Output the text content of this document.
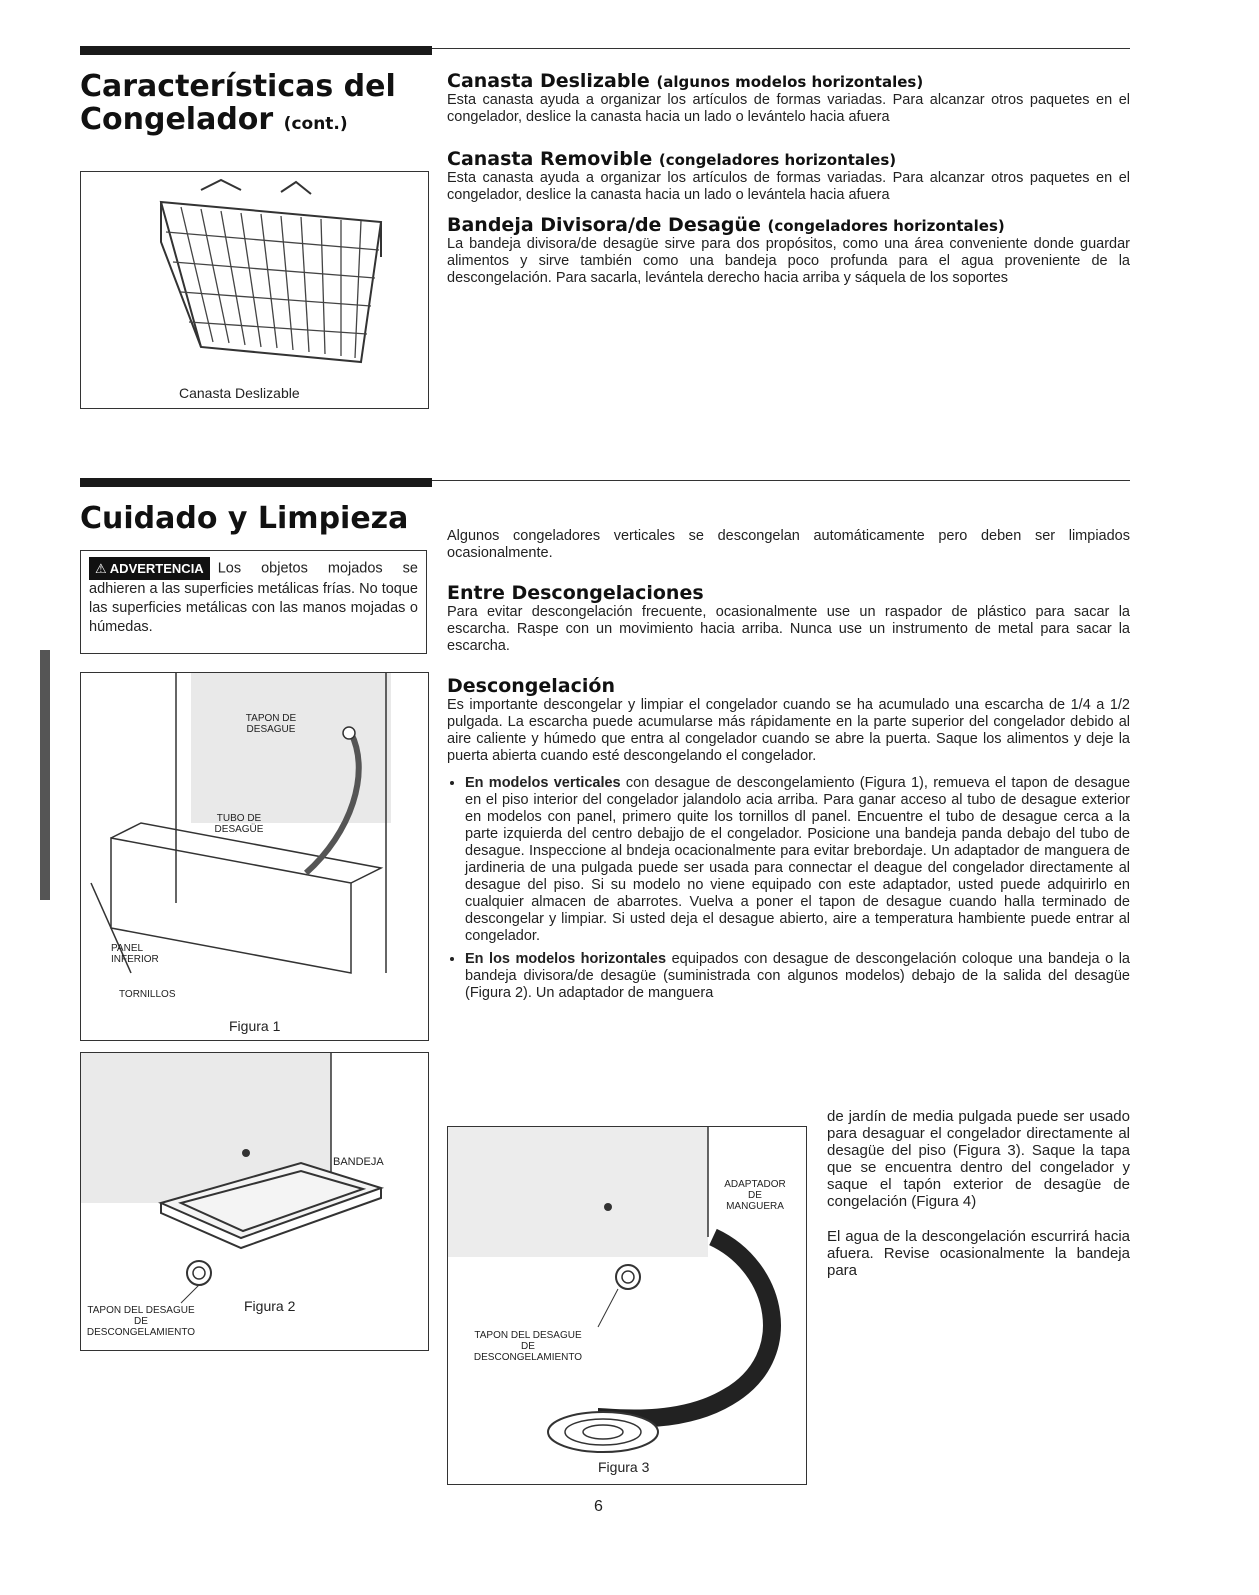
Características del
Congelador (cont.)
Canasta Deslizable (algunos modelos horizontales)

Esta canasta ayuda a organizar los artículos de formas variadas. Para alcanzar otros paquetes en el congelador, deslice la canasta hacia un lado o levántelo hacia afuera

Canasta Removible (congeladores horizontales)

Esta canasta ayuda a organizar los artículos de formas variadas. Para alcanzar otros paquetes en el congelador, deslice la canasta hacia un lado o levántela hacia afuera

Bandeja Divisora/de Desagüe (congeladores horizontales)

La bandeja divisora/de desagüe sirve para dos propósitos, como una área conveniente donde guardar alimentos y sirve también como una bandeja poco profunda para el agua proveniente de la descongelación. Para sacarla, levántela derecho hacia arriba y sáquela de los soportes

Canasta Deslizable
Cuidado y Limpieza

⚠ ADVERTENCIA Los objetos mojados se adhieren a las superficies metálicas frías. No toque las superficies metálicas con las manos mojadas o húmedas.

TAPON DE DESAGUE
TUBO DE DESAGÜE
PANEL INFERIOR
TORNILLOS
Figura 1
BANDEJA
TAPON DEL DESAGUE DE DESCONGELAMIENTO
Figura 2

Algunos congeladores verticales se descongelan automáticamente pero deben ser limpiados ocasionalmente.

Entre Descongelaciones

Para evitar descongelación frecuente, ocasionalmente use un raspador de plástico para sacar la escarcha. Raspe con un movimiento hacia arriba. Nunca use un instrumento de metal para sacar la escarcha.

Descongelación

Es importante descongelar y limpiar el congelador cuando se ha acumulado una escarcha de 1/4 a 1/2 pulgada. La escarcha puede acumularse más rápidamente en la parte superior del congelador debido al aire caliente y húmedo que entra al congelador cuando se abre la puerta. Saque los alimentos y deje la puerta abierta cuando esté descongelando el congelador.

• En modelos verticales con desague de descongelamiento (Figura 1), remueva el tapon de desague en el piso interior del congelador jalandolo acia arriba. Para ganar acceso al tubo de desague exterior en modelos con panel, primero quite los tornillos dl panel. Encuentre el tubo de desague cerca a la parte izquierda del centro debajjo de el congelador. Posicione una bandeja panda debajo del tubo de desague. Inspeccione al bndeja ocacionalmente para evitar brebordaje. Un adaptador de manguera de jardineria de una pulgada puede ser usada para connectar el deague del congelador directamente al desague del piso. Si su modelo no viene equipado con este adaptador, usted puede adquirirlo en cualquier almacen de abarrotes. Vuelva a poner el tapon de desague cuando halla terminado de descongelar y limpiar. Si usted deja el desague abierto, aire a temperatura hambiente puede entrar al congelador.
• En los modelos horizontales equipados con desague de descongelación coloque una bandeja o la bandeja divisora/de desagüe (suministrada con algunos modelos) debajo de la salida del desagüe (Figura 2). Un adaptador de manguera
ADAPTADOR DE MANGUERA
TAPON DEL DESAGUE DE DESCONGELAMIENTO
Figura 3

de jardín de media pulgada puede ser usado para desaguar el congelador directamente al desagüe del piso (Figura 3). Saque la tapa que se encuentra dentro del congelador y saque el tapón exterior de desagüe de congelación (Figura 4)

El agua de la descongelación escurrirá hacia afuera. Revise ocasionalmente la bandeja para

6
